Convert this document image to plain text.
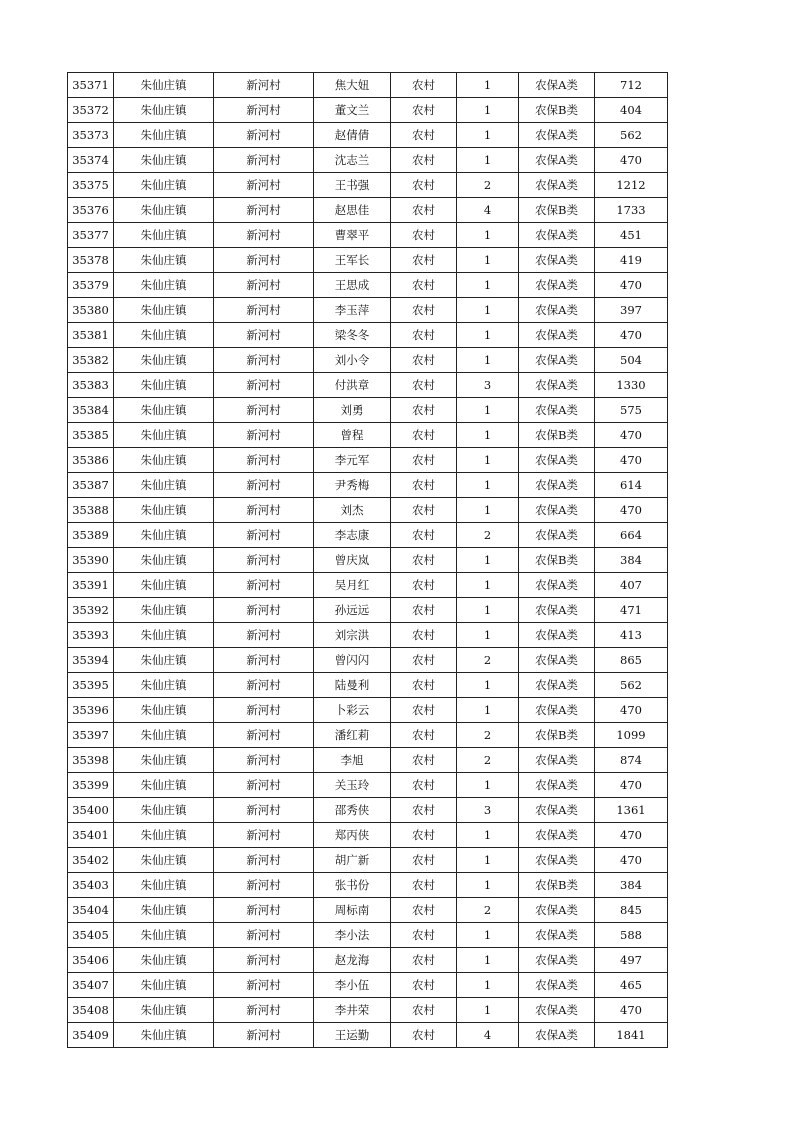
35371	朱仙庄镇	新河村	焦大妞	农村	1	农保A类	712
35372	朱仙庄镇	新河村	董文兰	农村	1	农保B类	404
35373	朱仙庄镇	新河村	赵倩倩	农村	1	农保A类	562
35374	朱仙庄镇	新河村	沈志兰	农村	1	农保A类	470
35375	朱仙庄镇	新河村	王书强	农村	2	农保A类	1212
35376	朱仙庄镇	新河村	赵思佳	农村	4	农保B类	1733
35377	朱仙庄镇	新河村	曹翠平	农村	1	农保A类	451
35378	朱仙庄镇	新河村	王军长	农村	1	农保A类	419
35379	朱仙庄镇	新河村	王思成	农村	1	农保A类	470
35380	朱仙庄镇	新河村	李玉萍	农村	1	农保A类	397
35381	朱仙庄镇	新河村	梁冬冬	农村	1	农保A类	470
35382	朱仙庄镇	新河村	刘小令	农村	1	农保A类	504
35383	朱仙庄镇	新河村	付洪章	农村	3	农保A类	1330
35384	朱仙庄镇	新河村	刘勇	农村	1	农保A类	575
35385	朱仙庄镇	新河村	曾程	农村	1	农保B类	470
35386	朱仙庄镇	新河村	李元军	农村	1	农保A类	470
35387	朱仙庄镇	新河村	尹秀梅	农村	1	农保A类	614
35388	朱仙庄镇	新河村	刘杰	农村	1	农保A类	470
35389	朱仙庄镇	新河村	李志康	农村	2	农保A类	664
35390	朱仙庄镇	新河村	曾庆岚	农村	1	农保B类	384
35391	朱仙庄镇	新河村	吴月红	农村	1	农保A类	407
35392	朱仙庄镇	新河村	孙远远	农村	1	农保A类	471
35393	朱仙庄镇	新河村	刘宗洪	农村	1	农保A类	413
35394	朱仙庄镇	新河村	曾闪闪	农村	2	农保A类	865
35395	朱仙庄镇	新河村	陆曼利	农村	1	农保A类	562
35396	朱仙庄镇	新河村	卜彩云	农村	1	农保A类	470
35397	朱仙庄镇	新河村	潘红莉	农村	2	农保B类	1099
35398	朱仙庄镇	新河村	李旭	农村	2	农保A类	874
35399	朱仙庄镇	新河村	关玉玲	农村	1	农保A类	470
35400	朱仙庄镇	新河村	邵秀侠	农村	3	农保A类	1361
35401	朱仙庄镇	新河村	郑丙侠	农村	1	农保A类	470
35402	朱仙庄镇	新河村	胡广新	农村	1	农保A类	470
35403	朱仙庄镇	新河村	张书份	农村	1	农保B类	384
35404	朱仙庄镇	新河村	周标南	农村	2	农保A类	845
35405	朱仙庄镇	新河村	李小法	农村	1	农保A类	588
35406	朱仙庄镇	新河村	赵龙海	农村	1	农保A类	497
35407	朱仙庄镇	新河村	李小伍	农村	1	农保A类	465
35408	朱仙庄镇	新河村	李井荣	农村	1	农保A类	470
35409	朱仙庄镇	新河村	王运勤	农村	4	农保A类	1841
